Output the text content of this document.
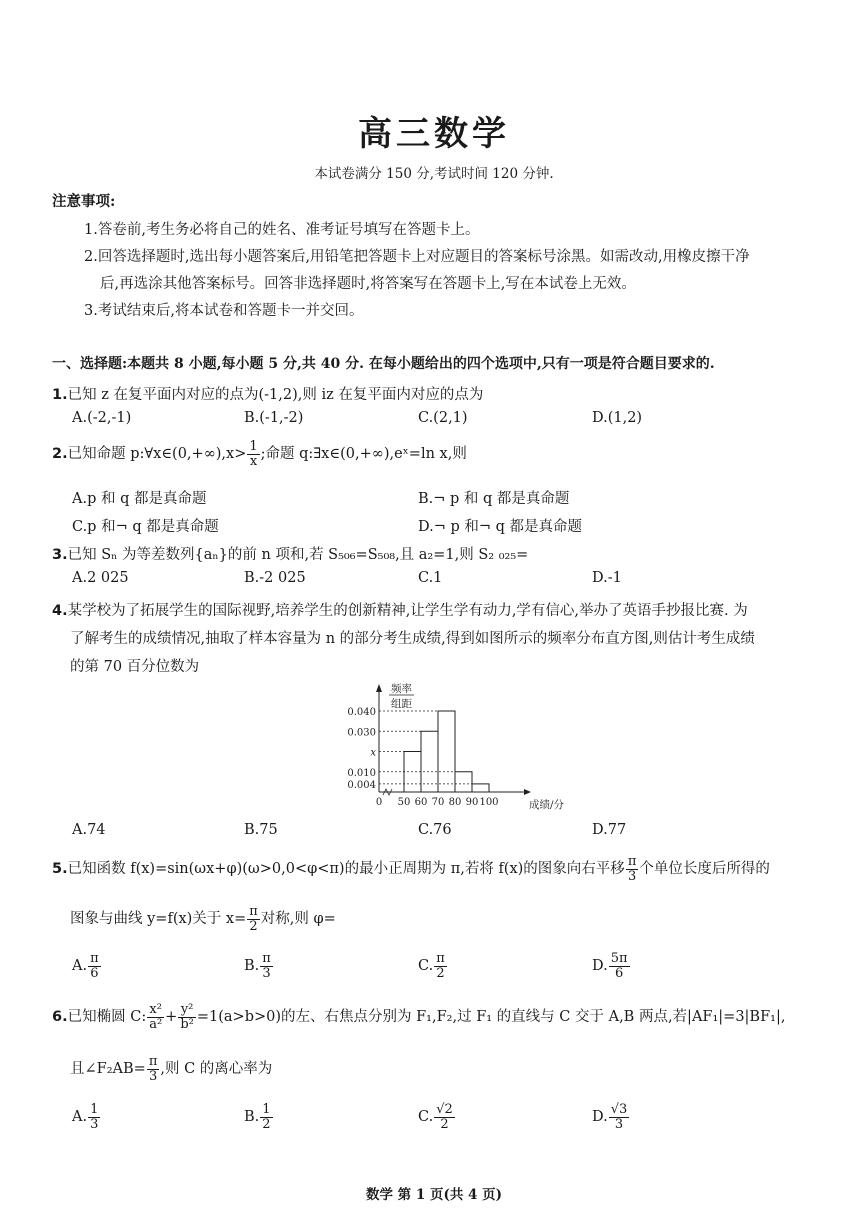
高三数学
本试卷满分 150 分,考试时间 120 分钟.
注意事项:
1.答卷前,考生务必将自己的姓名、准考证号填写在答题卡上。
2.回答选择题时,选出每小题答案后,用铅笔把答题卡上对应题目的答案标号涂黑。如需改动,用橡皮擦干净
后,再选涂其他答案标号。回答非选择题时,将答案写在答题卡上,写在本试卷上无效。
3.考试结束后,将本试卷和答题卡一并交回。
一、选择题:本题共 8 小题,每小题 5 分,共 40 分. 在每小题给出的四个选项中,只有一项是符合题目要求的.
1.已知 z 在复平面内对应的点为(-1,2),则 iz 在复平面内对应的点为
A.(-2,-1)	B.(-1,-2)	C.(2,1)	D.(1,2)
2.已知命题 p:∀x∈(0,+∞),x> $\frac{1}{x}$ ;命题 q:∃x∈(0,+∞),eˣ=ln x,则
A.p 和 q 都是真命题	B.¬ p 和 q 都是真命题
C.p 和¬ q 都是真命题	D.¬ p 和¬ q 都是真命题
3.已知 Sₙ 为等差数列{aₙ}的前 n 项和,若 S₅₀₆=S₅₀₈,且 a₂=1,则 S₂ ₀₂₅=
A.2 025	B.-2 025	C.1	D.-1
4.某学校为了拓展学生的国际视野,培养学生的创新精神,让学生学有动力,学有信心,举办了英语手抄报比赛. 为
了解考生的成绩情况,抽取了样本容量为 n 的部分考生成绩,得到如图所示的频率分布直方图,则估计考生成绩
的第 70 百分位数为
0.040
0.030
x
0.010
0.004
0 50 60 70 80 90 100
频率
组距
成绩/分
A.74	B.75	C.76	D.77
5.已知函数 f(x)=sin(ωx+φ)(ω>0,0<φ<π)的最小正周期为 π,若将 f(x)的图象向右平移 $\frac{\pi}{3}$ 个单位长度后所得的
图象与曲线 y=f(x)关于 $x= \frac{\pi}{2}$ 对称,则 φ=
A. $\frac{\pi}{6}$	B. $\frac{\pi}{3}$	C. $\frac{\pi}{2}$	D. $\frac{5\pi}{6}$
6.已知椭圆 C: $\frac{\text{x²}}{\text{a²}} + \frac{\text{y²}}{\text{b²}} =1(a>b>0)$的左、右焦点分别为 F₁,F₂,过 F₁ 的直线与 C 交于 A,B 两点,若|AF₁|=3|BF₁|,
且∠F₂AB= $\frac{\pi}{3}$ ,则 C 的离心率为
A. $\frac{1}{3}$	B. $\frac{1}{2}$	C. $\frac{√2}{2}$	D. $\frac{√3}{3}$
数学 第 1 页(共 4 页)
